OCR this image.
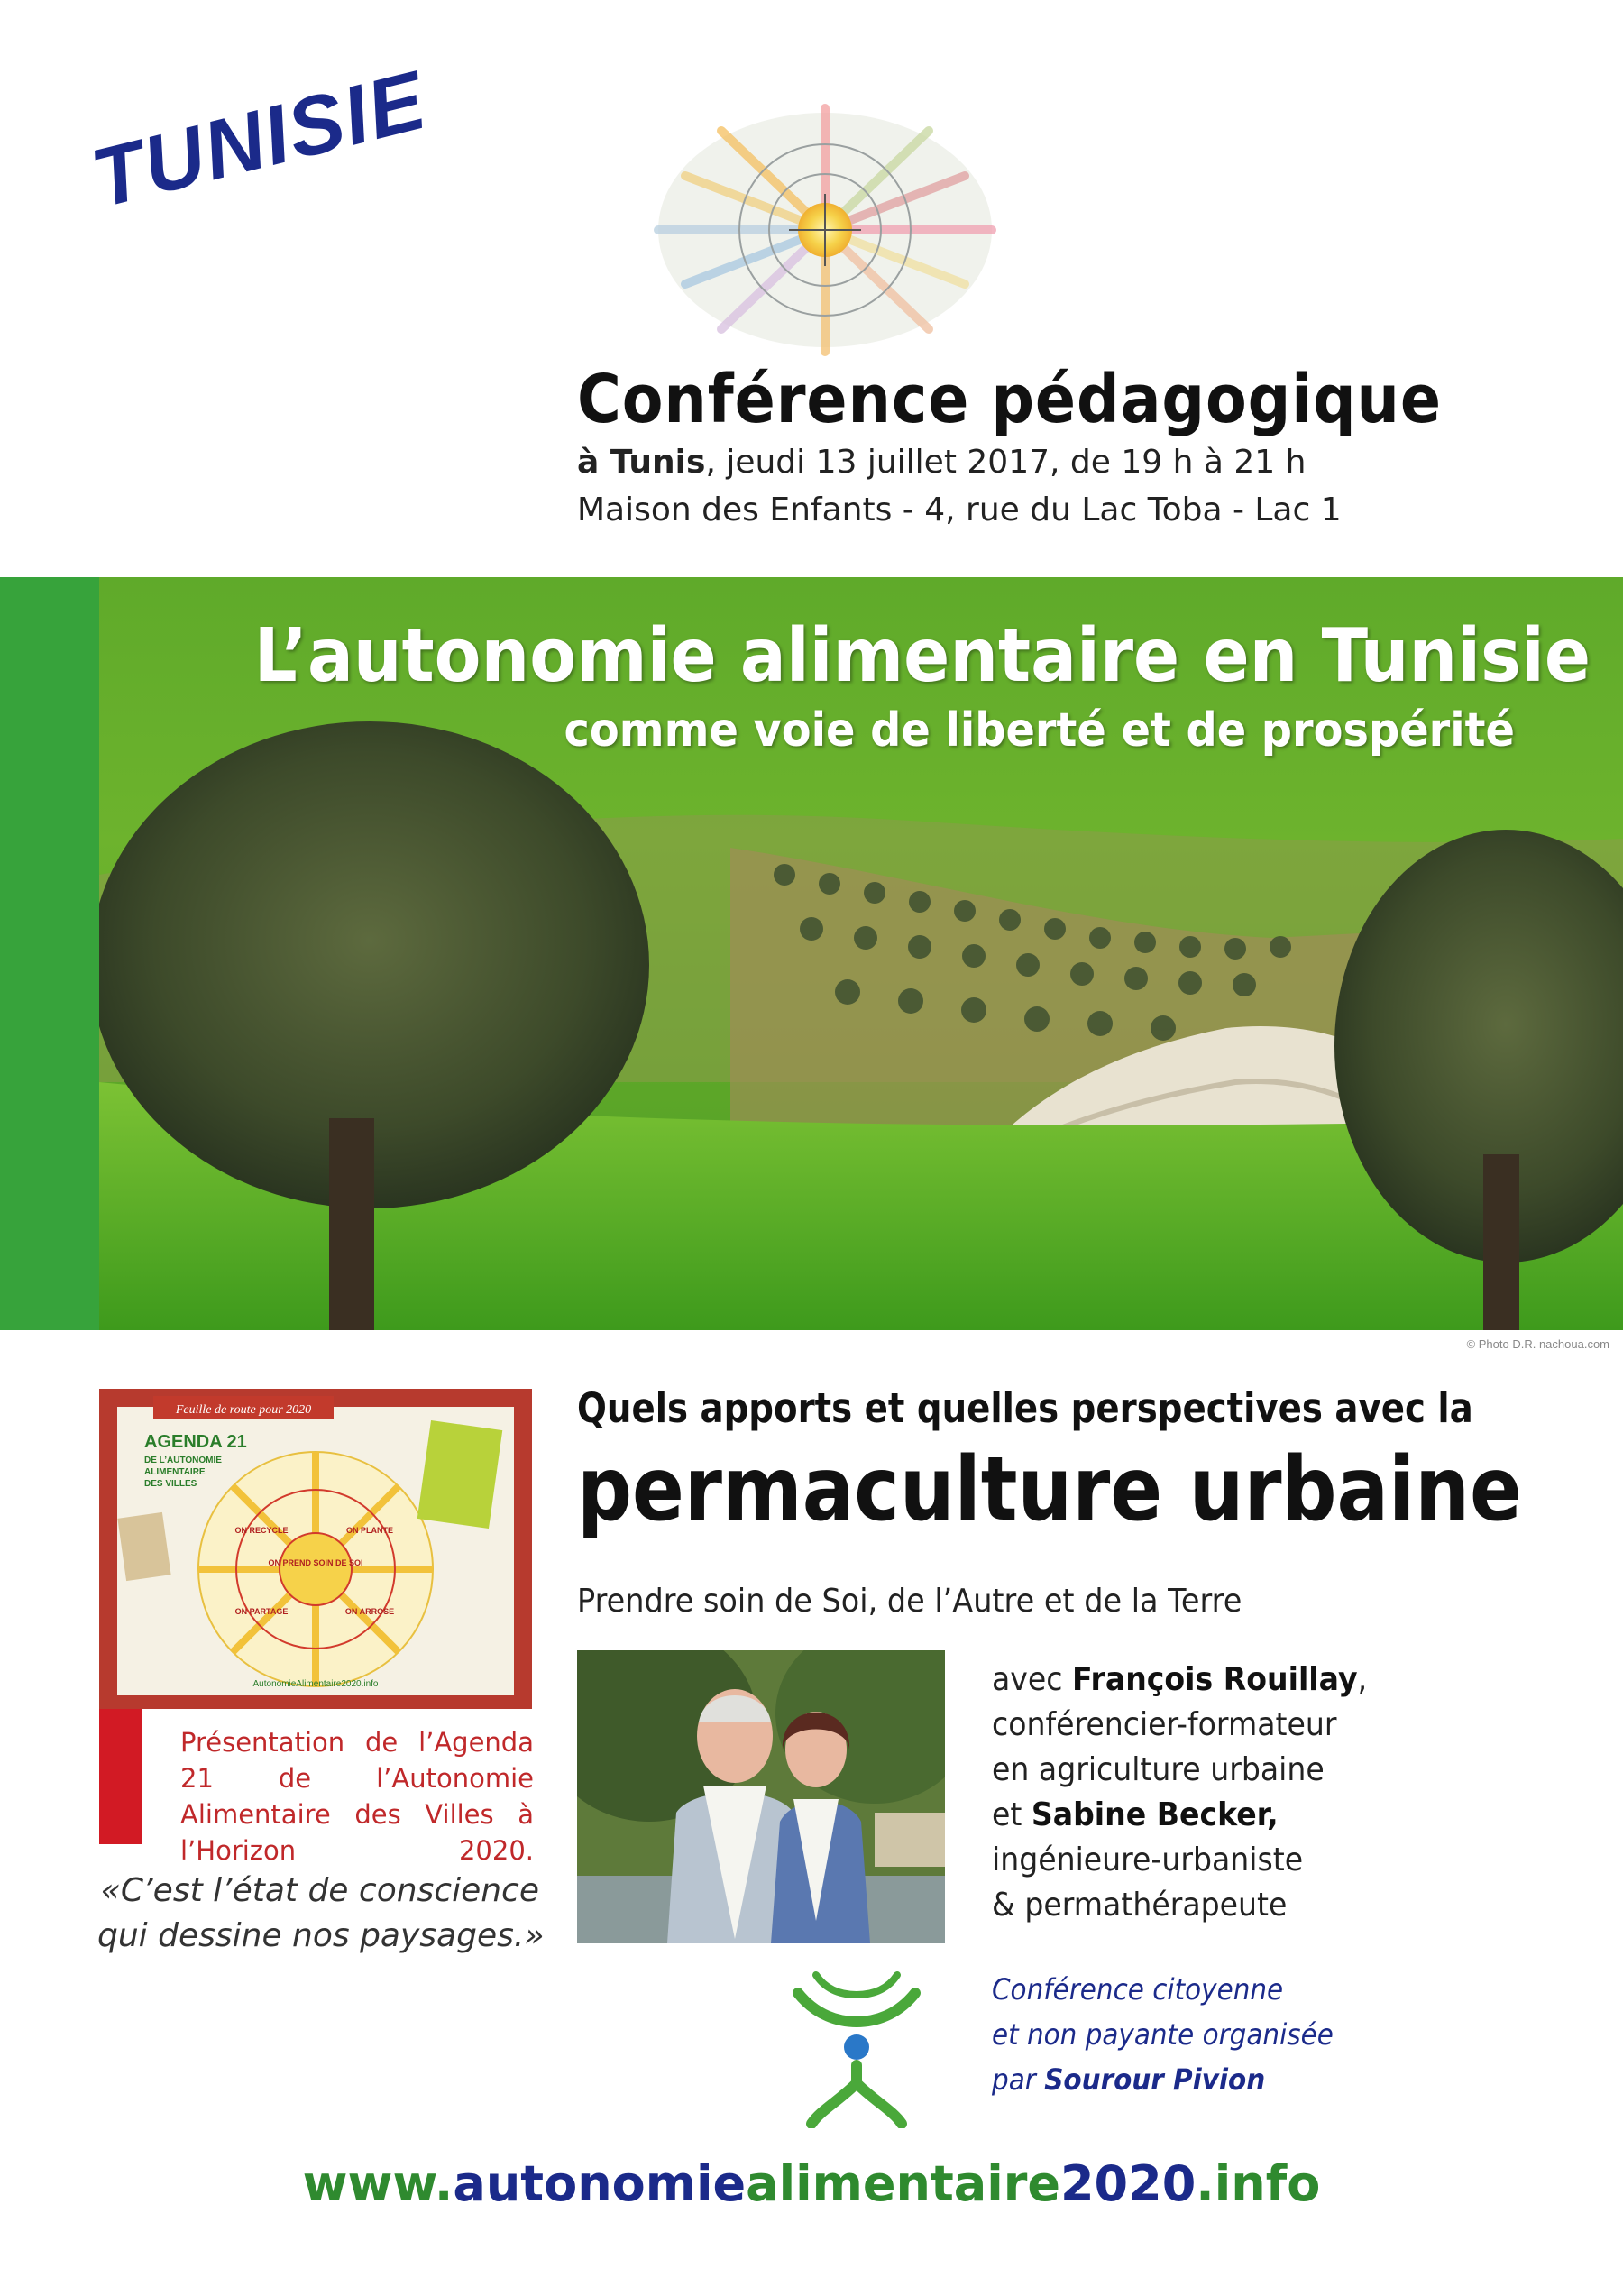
TUNISIE
Conférence pédagogique
à Tunis, jeudi 13 juillet 2017, de 19 h à 21 h
Maison des Enfants - 4, rue du Lac Toba - Lac 1
L’autonomie alimentaire en Tunisie
comme voie de liberté et de prospérité
© Photo D.R. nachoua.com
Feuille de route pour 2020
AGENDA 21
DE L’AUTONOMIE
ALIMENTAIRE
DES VILLES
ON PREND SOIN DE SOI
ON RECYCLE	ON PLANTE
ON PARTAGE	ON ARROSE
AutonomieAlimentaire2020.info
Présentation de l’Agenda 21 de l’Autonomie Alimentaire des Villes à l’Horizon 2020.
«C’est l’état de conscience
qui dessine nos paysages.»
Quels apports et quelles perspectives avec la
permaculture urbaine
Prendre soin de Soi, de l’Autre et de la Terre
avec François Rouillay,
conférencier-formateur
en agriculture urbaine
et Sabine Becker,
ingénieure-urbaniste
& permathérapeute
Conférence citoyenne
et non payante organisée
par Sourour Pivion
www.autonomiealimentaire2020.info
